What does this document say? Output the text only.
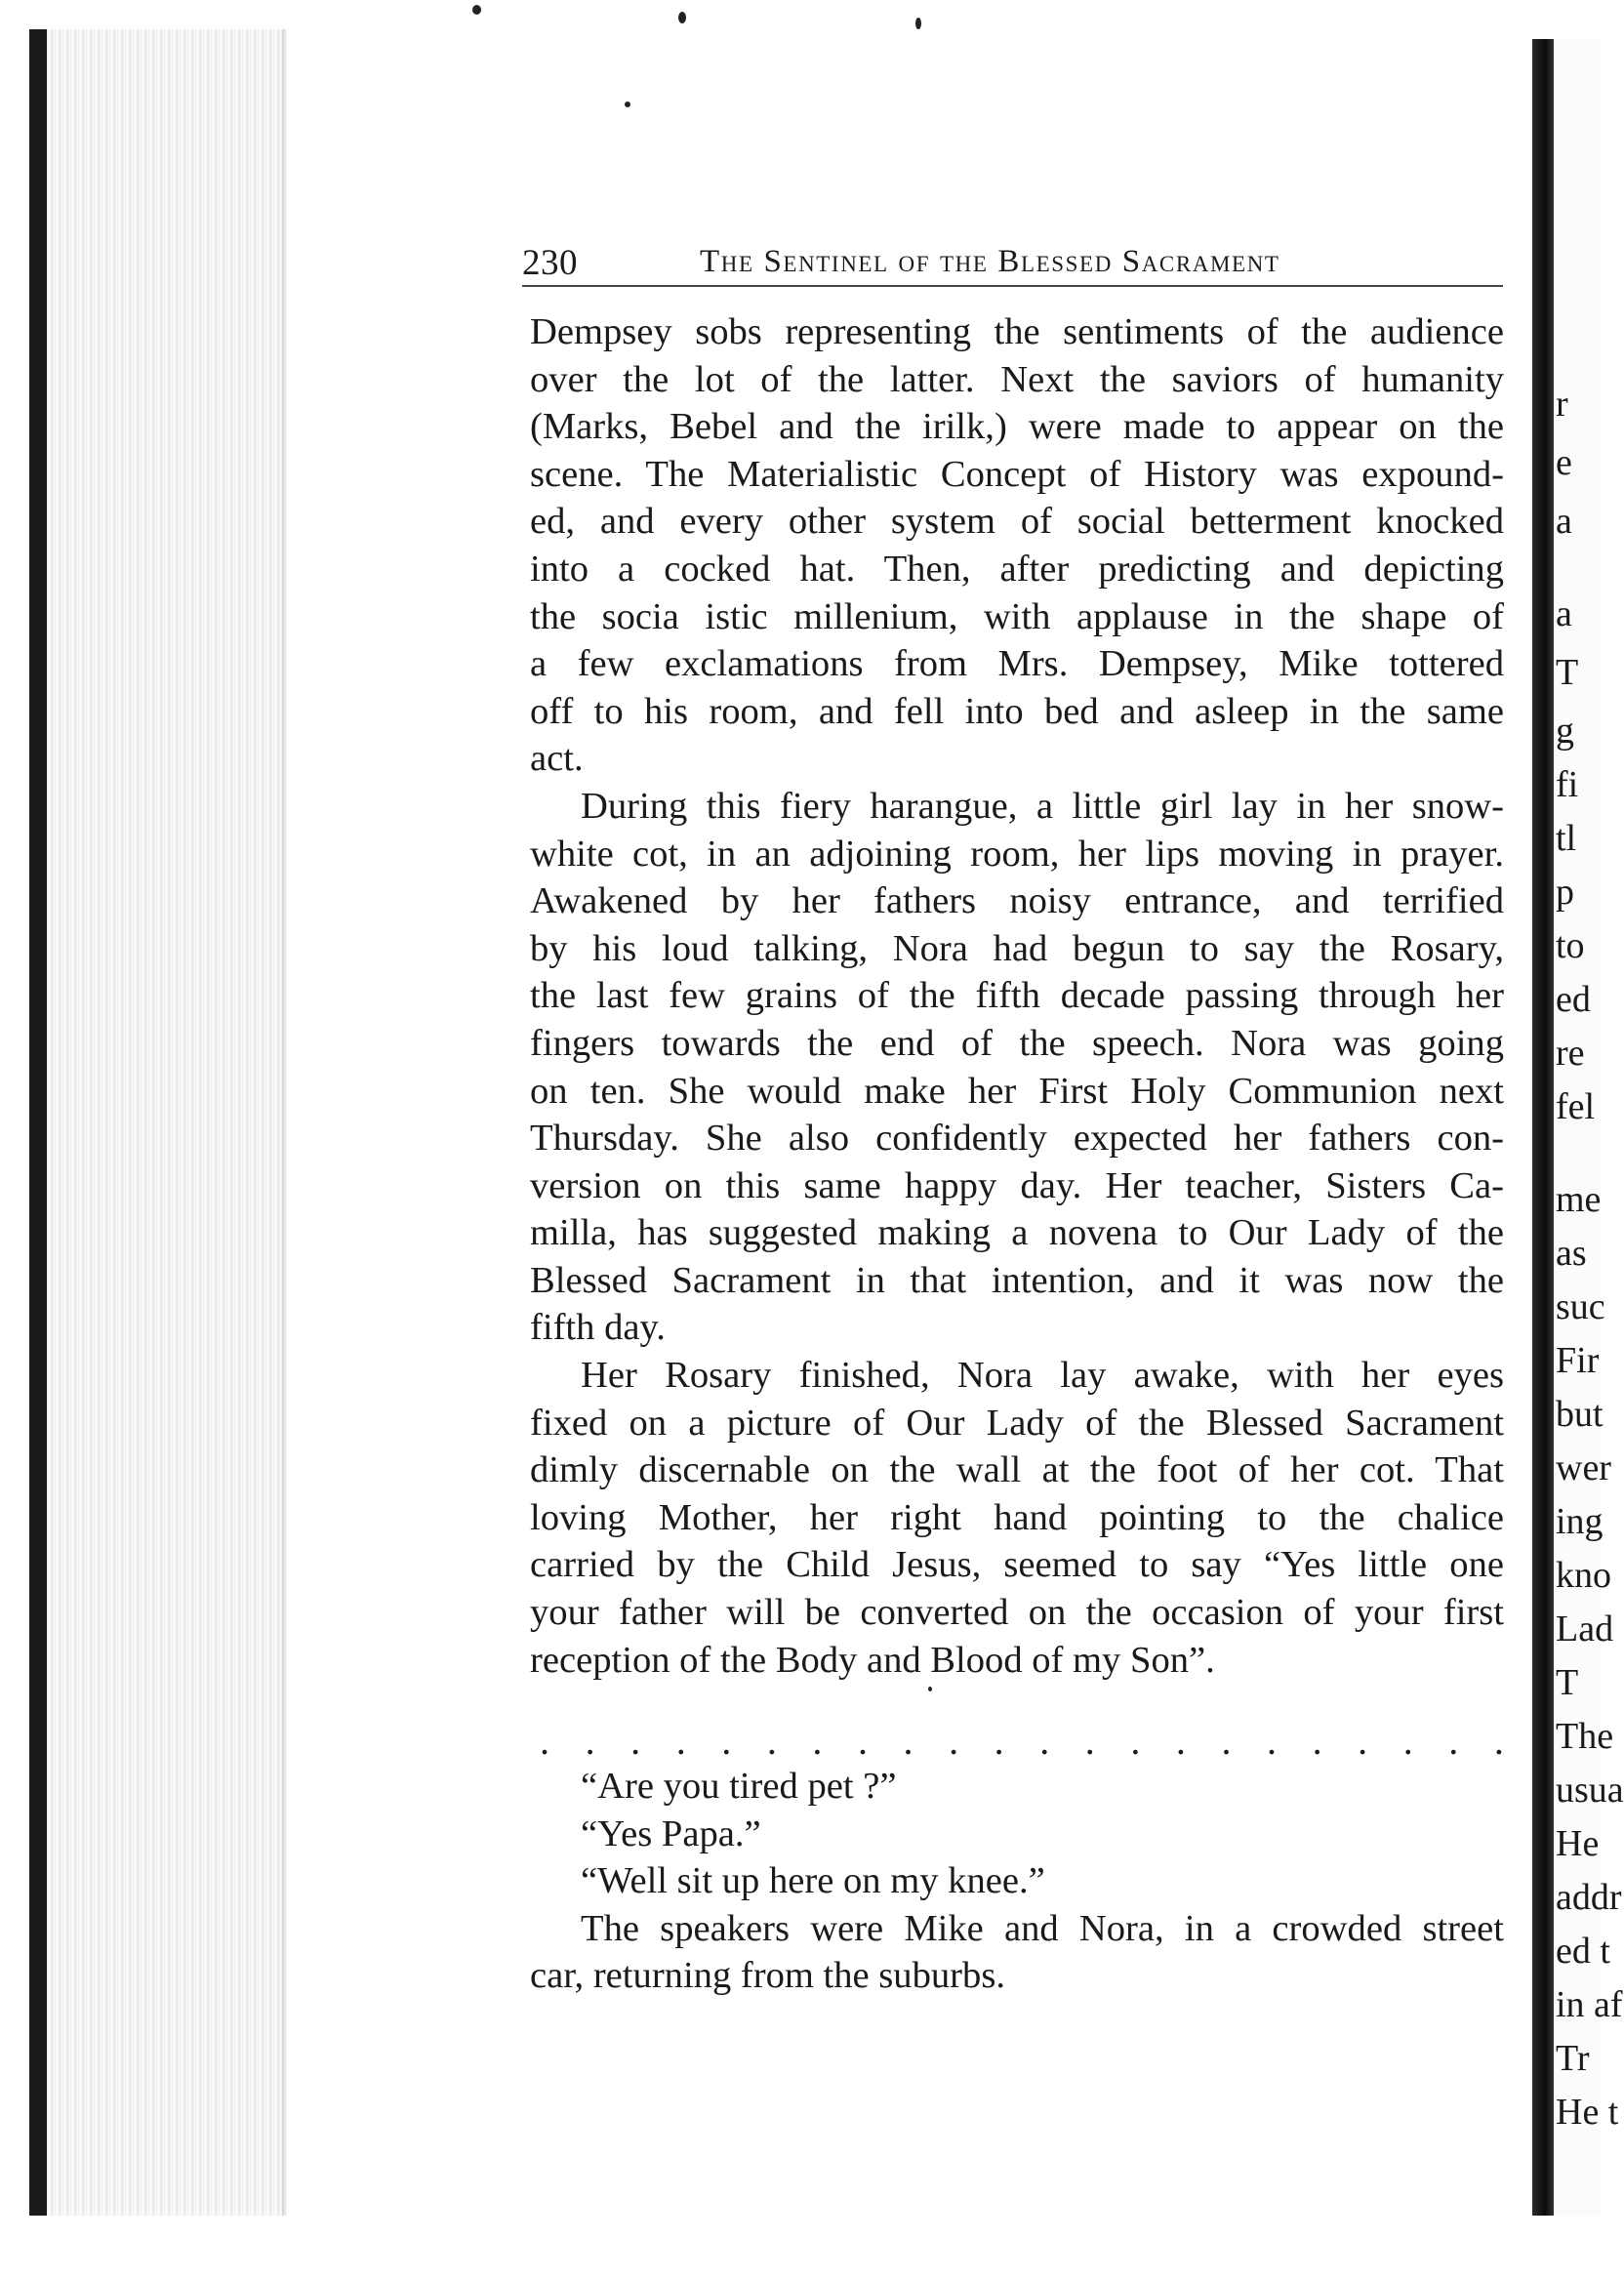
r
e
a
a
T
g
fi
tl
p
to
ed
re
fel
me
as
suc
Fir
but
wer
ing
kno
Lad
T
The
usua
He
addr
ed t
in af
Tr
He t
230	The Sentinel of the Blessed Sacrament

Dempsey sobs representing the sentiments of the audience
over the lot of the latter. Next the saviors of humanity
(Marks, Bebel and the irilk,) were made to appear on the
scene. The Materialistic Concept of History was expound-
ed, and every other system of social betterment knocked
into a cocked hat. Then, after predicting and depicting
the socia istic millenium, with applause in the shape of
a few exclamations from Mrs. Dempsey, Mike tottered
off to his room, and fell into bed and asleep in the same
act.

During this fiery harangue, a little girl lay in her snow-
white cot, in an adjoining room, her lips moving in prayer.
Awakened by her fathers noisy entrance, and terrified
by his loud talking, Nora had begun to say the Rosary,
the last few grains of the fifth decade passing through her
fingers towards the end of the speech. Nora was going
on ten. She would make her First Holy Communion next
Thursday. She also confidently expected her fathers con-
version on this same happy day. Her teacher, Sisters Ca-
milla, has suggested making a novena to Our Lady of the
Blessed Sacrament in that intention, and it was now the
fifth day.

Her Rosary finished, Nora lay awake, with her eyes
fixed on a picture of Our Lady of the Blessed Sacrament
dimly discernable on the wall at the foot of her cot. That
loving Mother, her right hand pointing to the chalice
carried by the Child Jesus, seemed to say “Yes little one
your father will be converted on the occasion of your first
reception of the Body and Blood of my Son”.

. . . . . . . . . . . . . . . . . . . . . .
“Are you tired pet ?”
“Yes Papa.”
“Well sit up here on my knee.”

The speakers were Mike and Nora, in a crowded street
car, returning from the suburbs.
